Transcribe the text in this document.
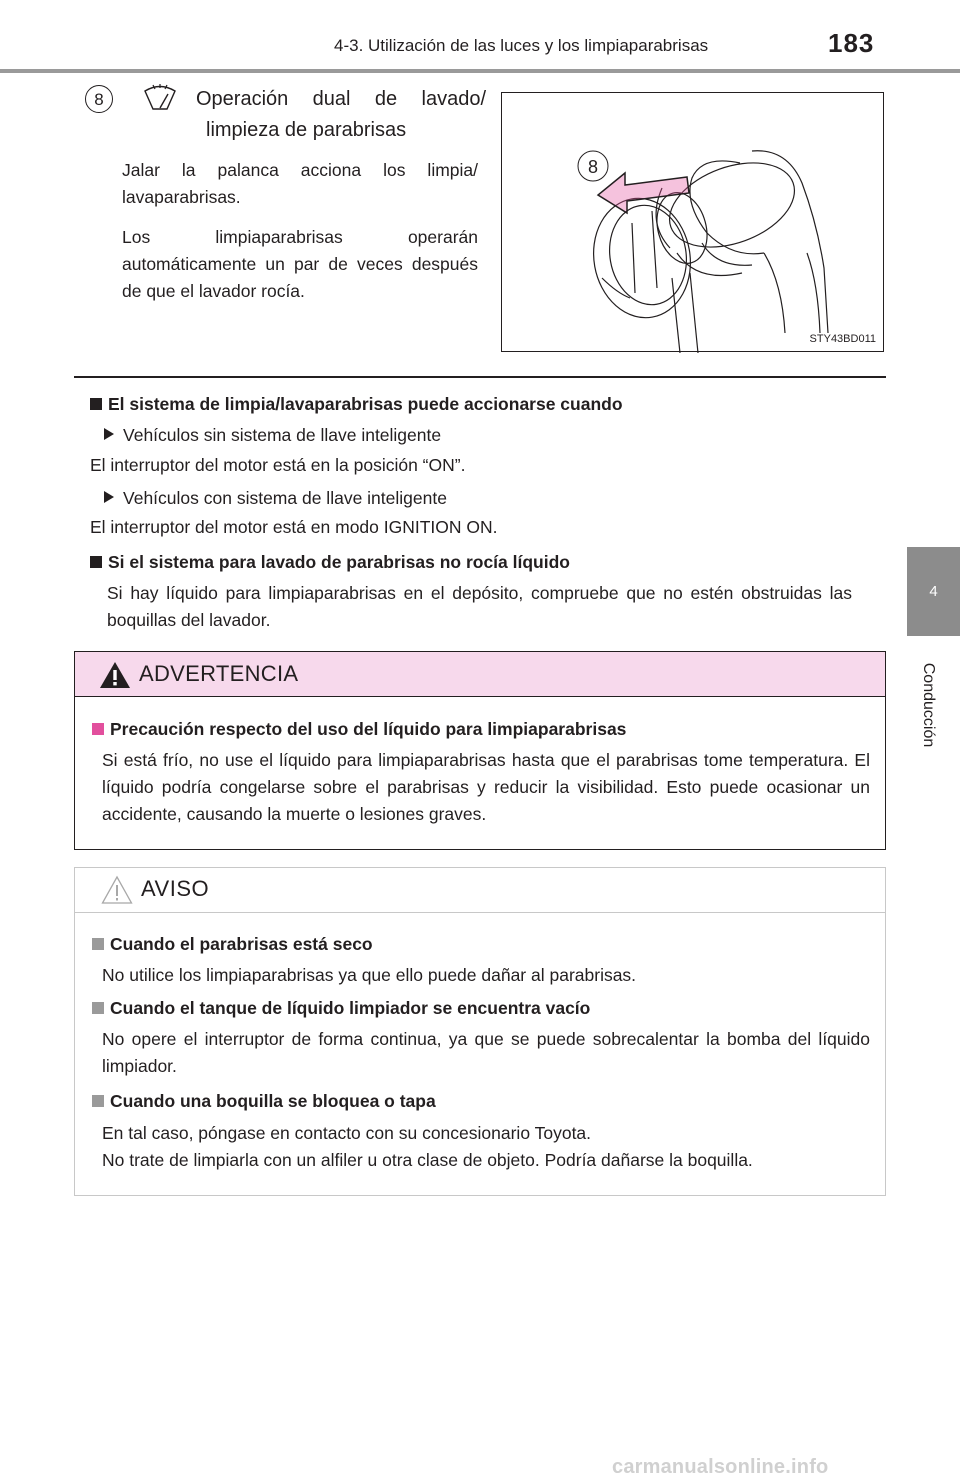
4-3. Utilización de las luces y los limpiaparabrisas	183
4
Conducción
8	Operación dual de lavado/
limpieza de parabrisas
Jalar la palanca acciona los limpia/ lavaparabrisas.
Los limpiaparabrisas operarán automáticamente un par de veces después de que el lavador rocía.
8
STY43BD011
El sistema de limpia/lavaparabrisas puede accionarse cuando
Vehículos sin sistema de llave inteligente
El interruptor del motor está en la posición “ON”.
Vehículos con sistema de llave inteligente
El interruptor del motor está en modo IGNITION ON.
Si el sistema para lavado de parabrisas no rocía líquido
Si hay líquido para limpiaparabrisas en el depósito, compruebe que no estén obstruidas las boquillas del lavador.
ADVERTENCIA
Precaución respecto del uso del líquido para limpiaparabrisas
Si está frío, no use el líquido para limpiaparabrisas hasta que el parabrisas tome temperatura. El líquido podría congelarse sobre el parabrisas y reducir la visibilidad. Esto puede ocasionar un accidente, causando la muerte o lesiones graves.
AVISO
Cuando el parabrisas está seco
No utilice los limpiaparabrisas ya que ello puede dañar al parabrisas.
Cuando el tanque de líquido limpiador se encuentra vacío
No opere el interruptor de forma continua, ya que se puede sobrecalentar la bomba del líquido limpiador.
Cuando una boquilla se bloquea o tapa
En tal caso, póngase en contacto con su concesionario Toyota.
No trate de limpiarla con un alfiler u otra clase de objeto. Podría dañarse la boquilla.
carmanualsonline.info
